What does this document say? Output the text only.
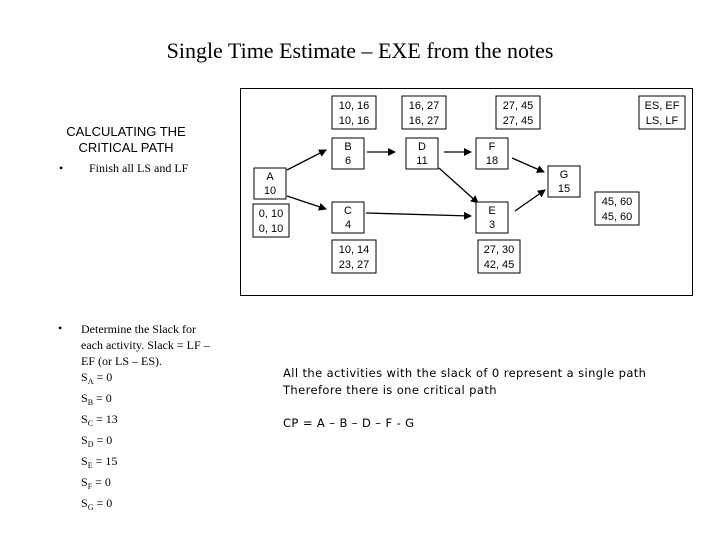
Single Time Estimate – EXE from the notes
CALCULATING THE
CRITICAL PATH
• Finish all LS and LF
• Determine the Slack for
each activity. Slack = LF –
EF (or LS – ES).
$S_A = 0$
$S_B = 0$
$S_C = 13$
$S_D = 0$
$S_E = 15$
$S_F = 0$
$S_G = 0$
A
10
B
6
C
4
D
11
F
18
E
3
G
15
0, 10
0, 10
10, 16
10, 16
10, 14
23, 27
16, 27
16, 27
27, 30
42, 45
27, 45
27, 45
45, 60
45, 60
ES, EF
LS, LF
All the activities with the slack of 0 represent a single path
Therefore there is one critical path
CP = A – B – D – F - G
